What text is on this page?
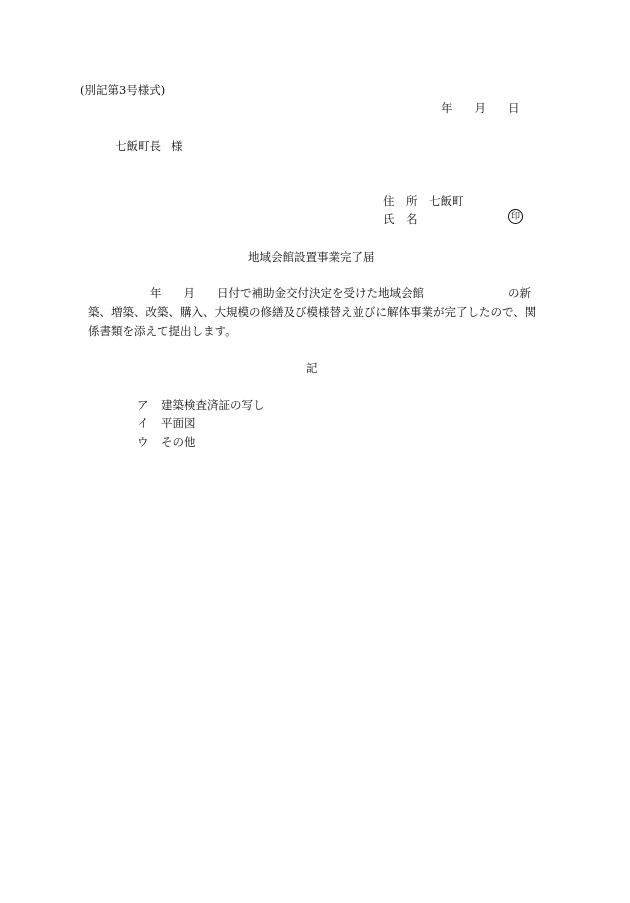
(別記第3号様式)
年 月 日
七飯町長 様
住　所 七飯町
氏　名	印
地域会館設置事業完了届
年 月 日付で補助金交付決定を受けた地域会館	の新
築、増築、改築、購入、大規模の修繕及び模様替え並びに解体事業が完了したので、関
係書類を添えて提出します。
記
ア 建築検査済証の写し
イ 平面図
ウ その他
